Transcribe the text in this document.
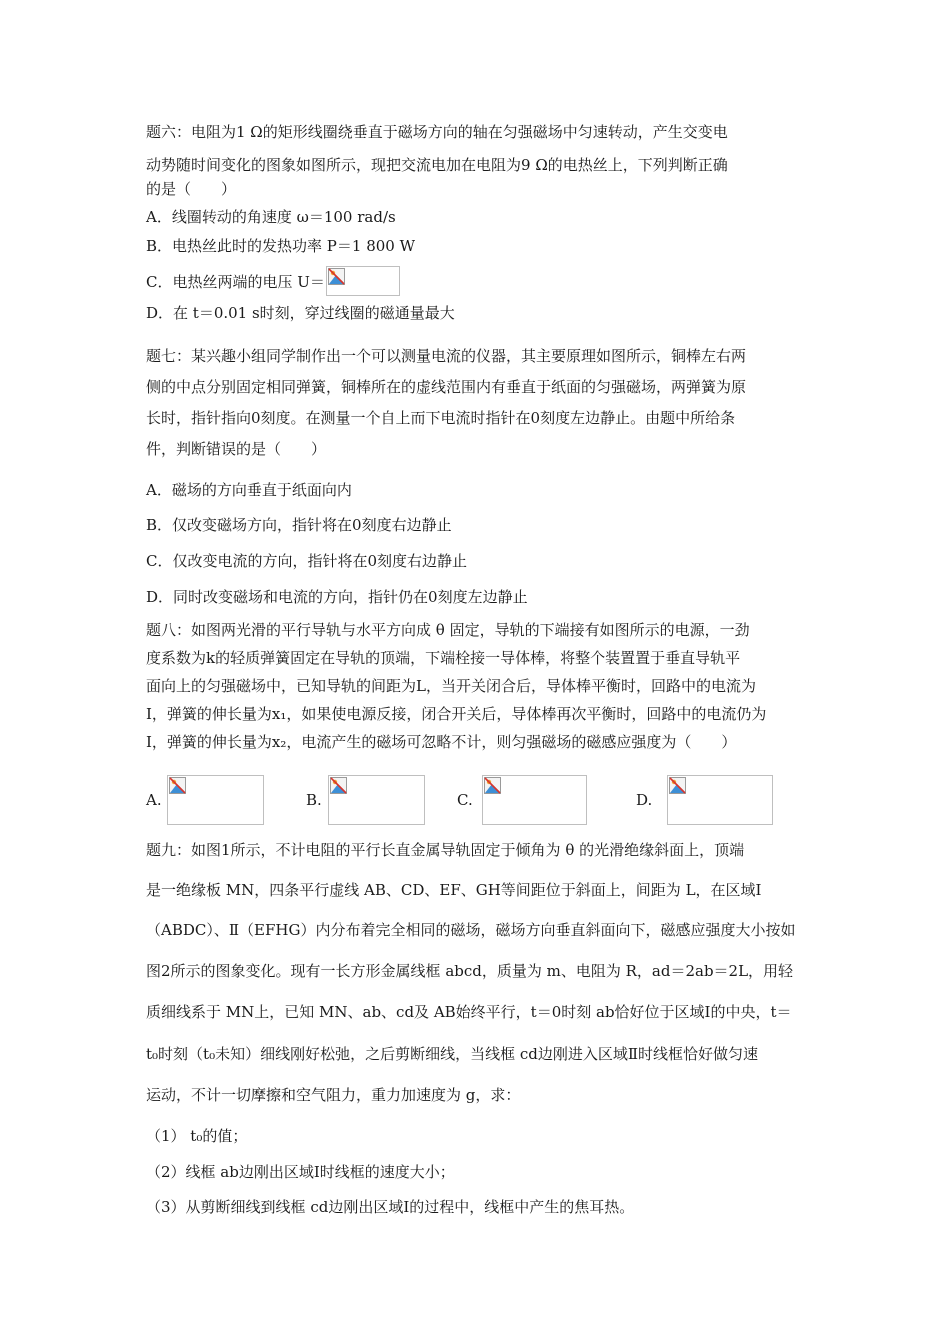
题六：电阻为1 Ω的矩形线圈绕垂直于磁场方向的轴在匀强磁场中匀速转动，产生交变电
动势随时间变化的图象如图所示，现把交流电加在电阻为9 Ω的电热丝上，下列判断正确
的是（　　）
A．线圈转动的角速度 ω＝100 rad/s
B．电热丝此时的发热功率 P＝1 800 W
C．电热丝两端的电压 U＝
D．在 t＝0.01 s时刻，穿过线圈的磁通量最大
题七：某兴趣小组同学制作出一个可以测量电流的仪器，其主要原理如图所示，铜棒左右两
侧的中点分别固定相同弹簧，铜棒所在的虚线范围内有垂直于纸面的匀强磁场，两弹簧为原
长时，指针指向0刻度。在测量一个自上而下电流时指针在0刻度左边静止。由题中所给条
件，判断错误的是（　　）
A．磁场的方向垂直于纸面向内
B．仅改变磁场方向，指针将在0刻度右边静止
C．仅改变电流的方向，指针将在0刻度右边静止
D．同时改变磁场和电流的方向，指针仍在0刻度左边静止
题八：如图两光滑的平行导轨与水平方向成 θ 固定，导轨的下端接有如图所示的电源，一劲
度系数为k的轻质弹簧固定在导轨的顶端，下端栓接一导体棒，将整个装置置于垂直导轨平
面向上的匀强磁场中，已知导轨的间距为L，当开关闭合后，导体棒平衡时，回路中的电流为
I，弹簧的伸长量为x₁，如果使电源反接，闭合开关后，导体棒再次平衡时，回路中的电流仍为
I，弹簧的伸长量为x₂，电流产生的磁场可忽略不计，则匀强磁场的磁感应强度为（　　）
A.	B.	C.	D.
题九：如图1所示，不计电阻的平行长直金属导轨固定于倾角为 θ 的光滑绝缘斜面上，顶端
是一绝缘板 MN，四条平行虚线 AB、CD、EF、GH等间距位于斜面上，间距为 L，在区域Ⅰ
（ABDC）、Ⅱ（EFHG）内分布着完全相同的磁场，磁场方向垂直斜面向下，磁感应强度大小按如
图2所示的图象变化。现有一长方形金属线框 abcd，质量为 m、电阻为 R，ad＝2ab＝2L，用轻
质细线系于 MN上，已知 MN、ab、cd及 AB始终平行，t＝0时刻 ab恰好位于区域Ⅰ的中央，t＝
t₀时刻（t₀未知）细线刚好松弛，之后剪断细线，当线框 cd边刚进入区域Ⅱ时线框恰好做匀速
运动，不计一切摩擦和空气阻力，重力加速度为 g，求：
（1） t₀的值；
（2）线框 ab边刚出区域Ⅰ时线框的速度大小；
（3）从剪断细线到线框 cd边刚出区域Ⅰ的过程中，线框中产生的焦耳热。
